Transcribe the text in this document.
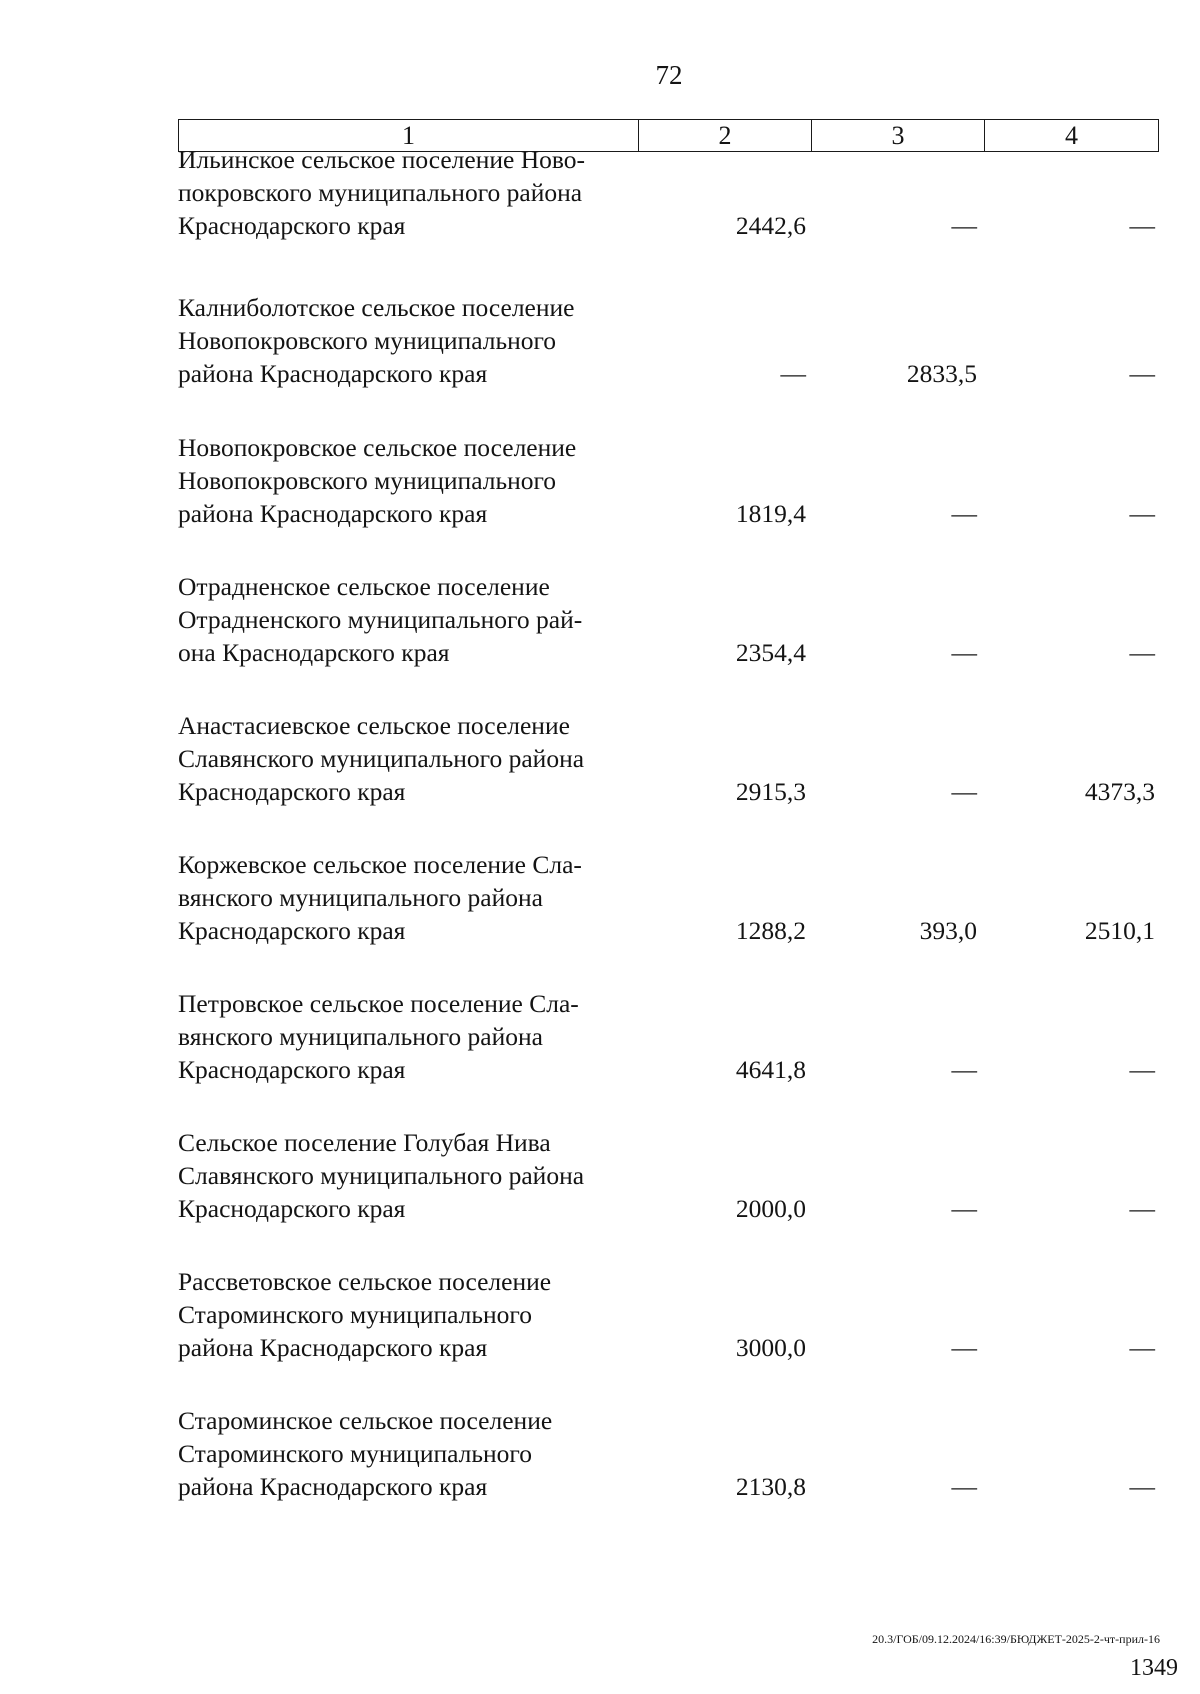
72
1	2	3	4
Ильинское сельское поселение Ново-
покровского муниципального района
Краснодарского края	2442,6	—	—
Калниболотское сельское поселение
Новопокровского муниципального
района Краснодарского края	—	2833,5	—
Новопокровское сельское поселение
Новопокровского муниципального
района Краснодарского края	1819,4	—	—
Отрадненское сельское поселение
Отрадненского муниципального рай-
она Краснодарского края	2354,4	—	—
Анастасиевское сельское поселение
Славянского муниципального района
Краснодарского края	2915,3	—	4373,3
Коржевское сельское поселение Сла-
вянского муниципального района
Краснодарского края	1288,2	393,0	2510,1
Петровское сельское поселение Сла-
вянского муниципального района
Краснодарского края	4641,8	—	—
Сельское поселение Голубая Нива
Славянского муниципального района
Краснодарского края	2000,0	—	—
Рассветовское сельское поселение
Староминского муниципального
района Краснодарского края	3000,0	—	—
Староминское сельское поселение
Староминского муниципального
района Краснодарского края	2130,8	—	—
20.3/ГОБ/09.12.2024/16:39/БЮДЖЕТ-2025-2-чт-прил-16
1349
